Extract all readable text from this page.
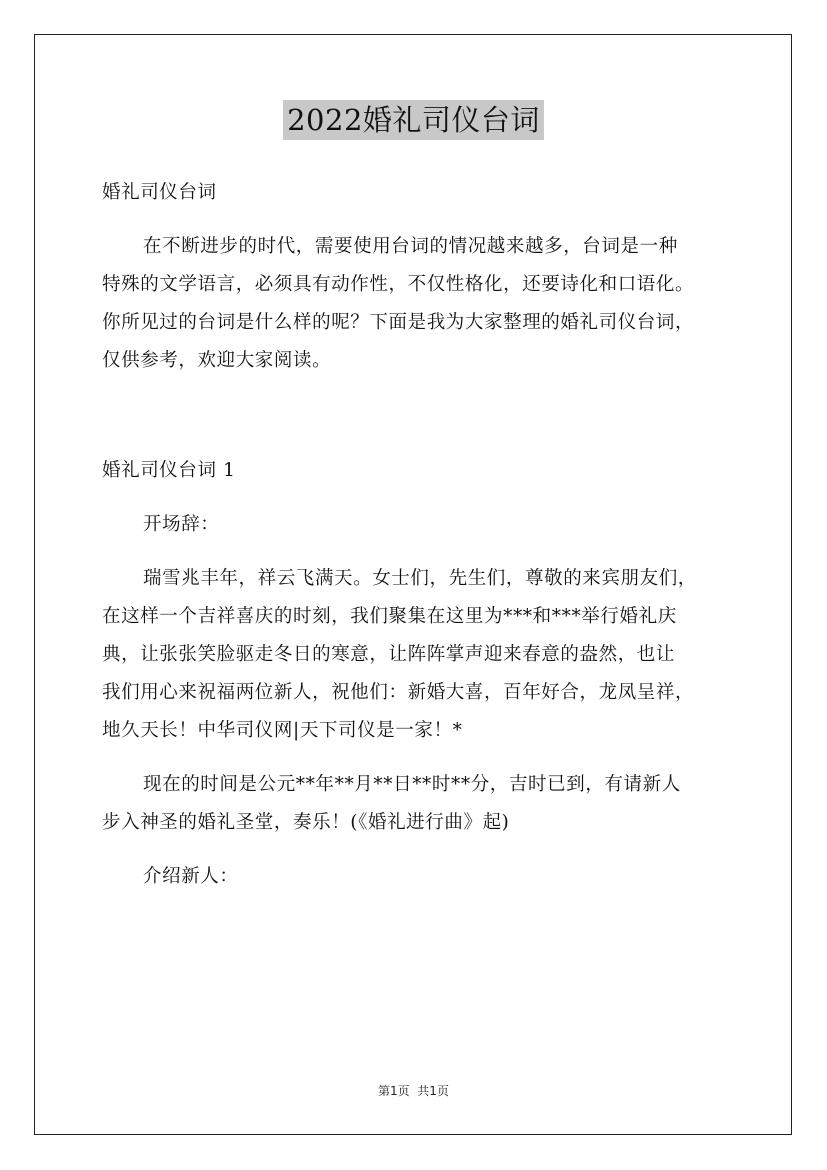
2022婚礼司仪台词
婚礼司仪台词
在不断进步的时代，需要使用台词的情况越来越多，台词是一种
特殊的文学语言，必须具有动作性，不仅性格化，还要诗化和口语化。
你所见过的台词是什么样的呢？下面是我为大家整理的婚礼司仪台词，
仅供参考，欢迎大家阅读。
婚礼司仪台词 1
开场辞：
瑞雪兆丰年，祥云飞满天。女士们，先生们，尊敬的来宾朋友们，
在这样一个吉祥喜庆的时刻，我们聚集在这里为***和***举行婚礼庆
典，让张张笑脸驱走冬日的寒意，让阵阵掌声迎来春意的盎然，也让
我们用心来祝福两位新人，祝他们：新婚大喜，百年好合，龙凤呈祥，
地久天长！中华司仪网|天下司仪是一家！*
现在的时间是公元**年**月**日**时**分，吉时已到，有请新人
步入神圣的婚礼圣堂，奏乐！(《婚礼进行曲》起)
介绍新人：
第1页  共1页
